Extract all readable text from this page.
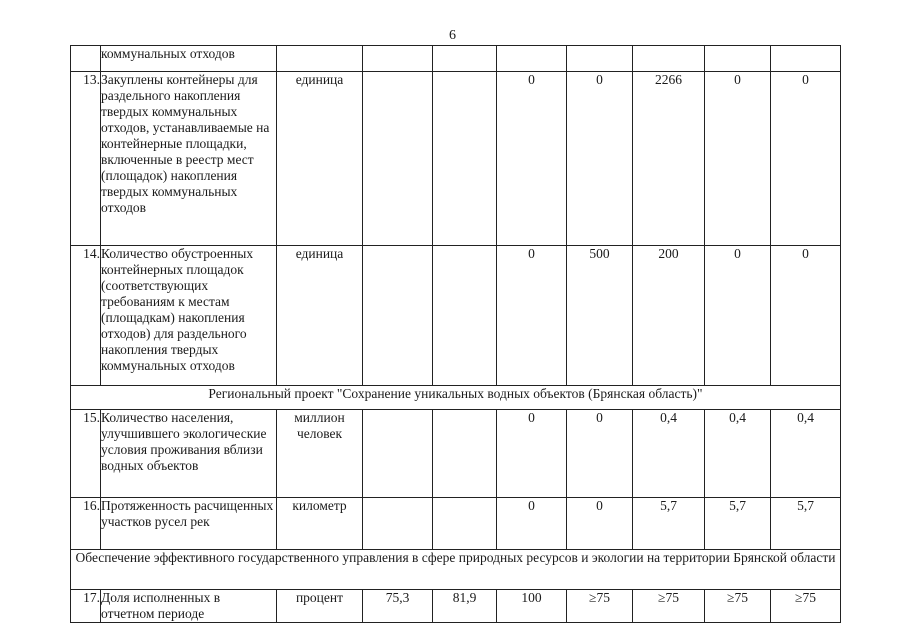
6
	коммунальных отходов								
13.	Закуплены контейнеры для раздельного накопления твердых коммунальных отходов, устанавливаемые на контейнерные площадки, включенные в реестр мест (площадок) накопления твердых коммунальных отходов	единица			0	0	2266	0	0
14.	Количество обустроенных контейнерных площадок (соответствующих требованиям к местам (площадкам) накопления отходов) для раздельного накопления твердых коммунальных отходов	единица			0	500	200	0	0
Региональный проект "Сохранение уникальных водных объектов (Брянская область)"									
15.	Количество населения, улучшившего экологические условия проживания вблизи водных объектов	миллион человек			0	0	0,4	0,4	0,4
16.	Протяженность расчищенных участков русел рек	километр			0	0	5,7	5,7	5,7
Обеспечение эффективного государственного управления в сфере природных ресурсов и экологии на территории Брянской области									
17.	Доля исполненных в отчетном периоде	процент	75,3	81,9	100	≥75	≥75	≥75	≥75
